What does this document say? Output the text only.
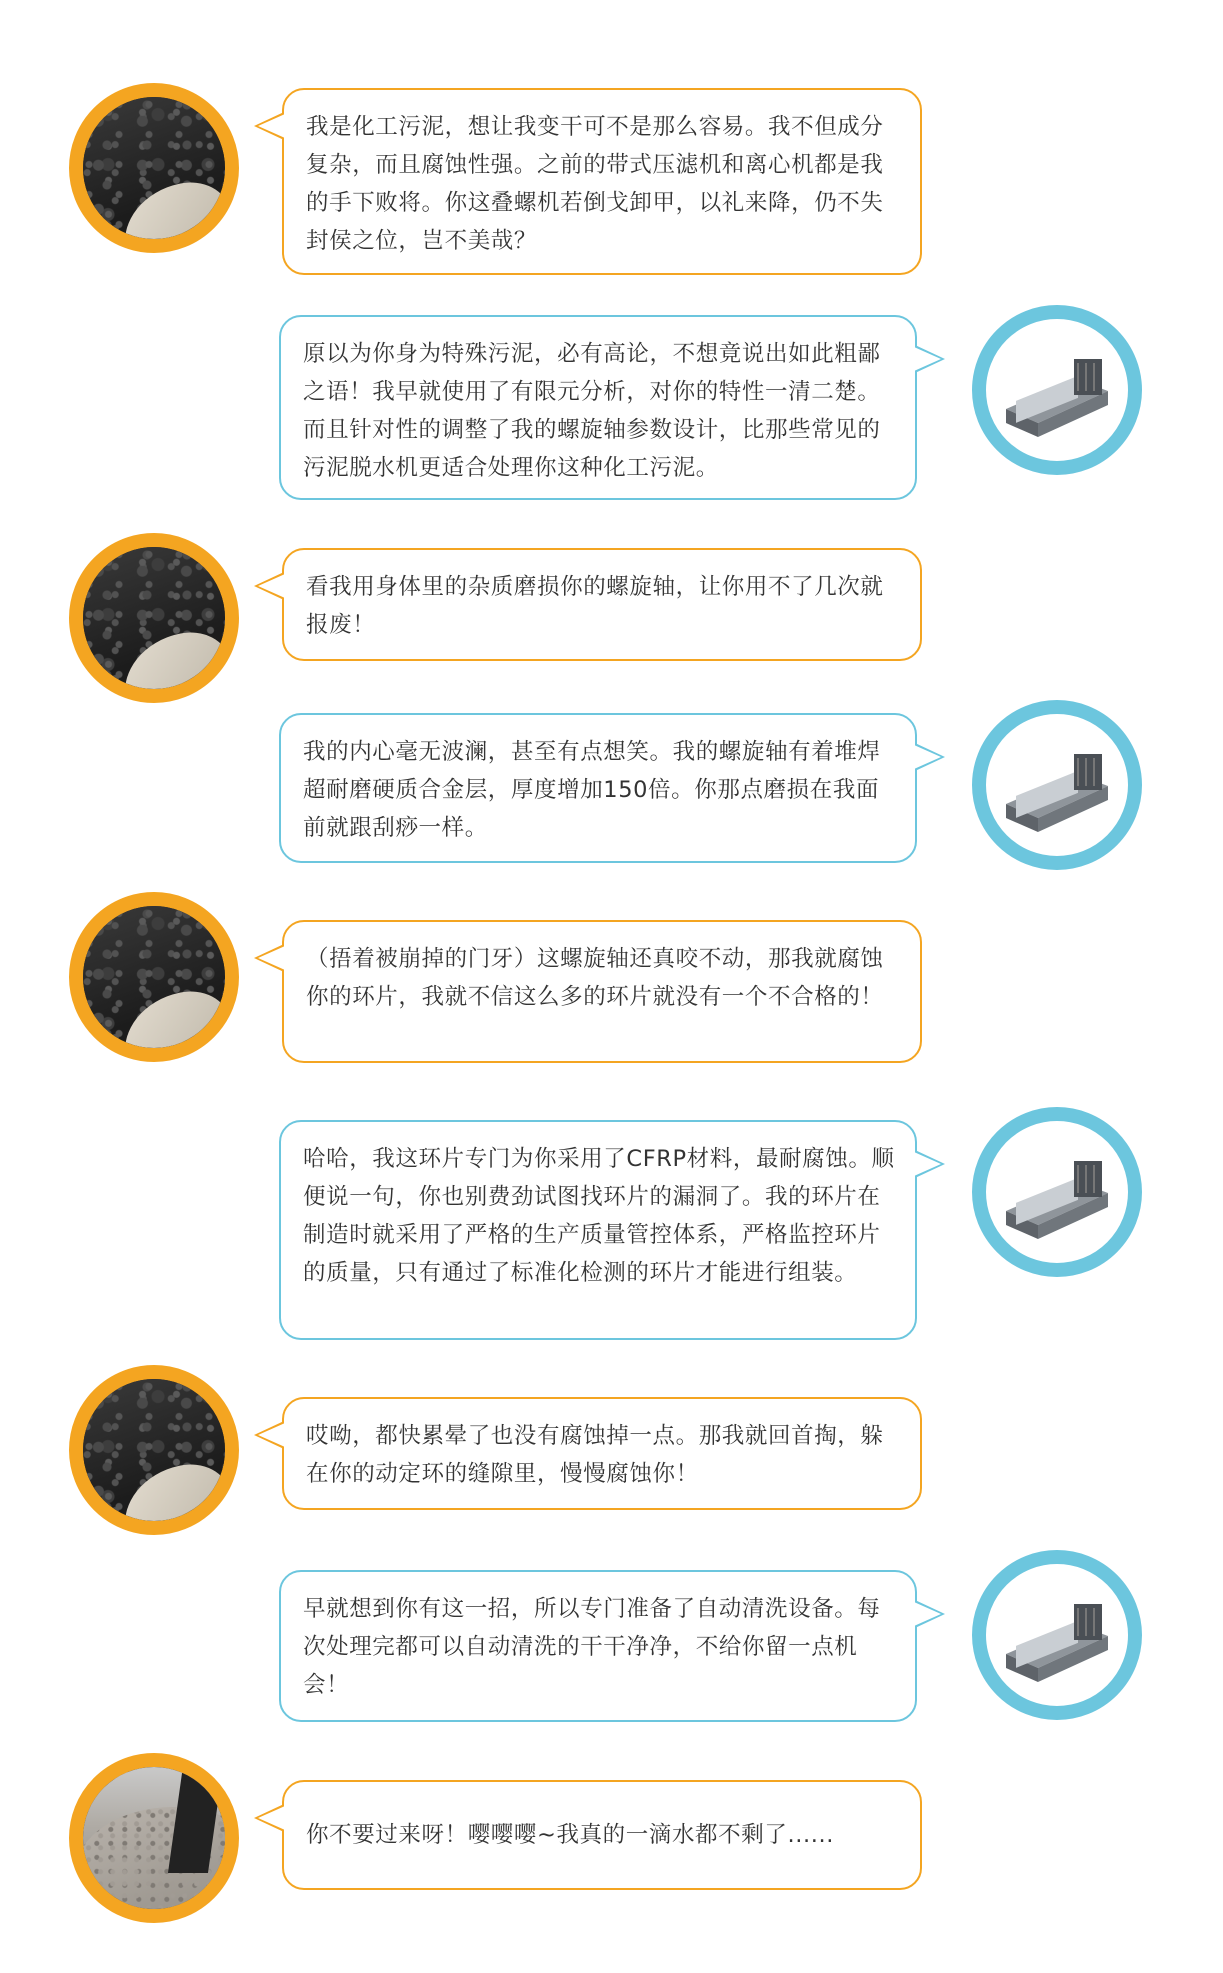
我是化工污泥，想让我变干可不是那么容易。我不但成分复杂，而且腐蚀性强。之前的带式压滤机和离心机都是我的手下败将。你这叠螺机若倒戈卸甲，以礼来降，仍不失封侯之位，岂不美哉？
原以为你身为特殊污泥，必有高论，不想竟说出如此粗鄙之语！我早就使用了有限元分析，对你的特性一清二楚。而且针对性的调整了我的螺旋轴参数设计，比那些常见的污泥脱水机更适合处理你这种化工污泥。
看我用身体里的杂质磨损你的螺旋轴，让你用不了几次就报废！
我的内心毫无波澜，甚至有点想笑。我的螺旋轴有着堆焊超耐磨硬质合金层，厚度增加150倍。你那点磨损在我面前就跟刮痧一样。
（捂着被崩掉的门牙）这螺旋轴还真咬不动，那我就腐蚀你的环片，我就不信这么多的环片就没有一个不合格的！
哈哈，我这环片专门为你采用了CFRP材料，最耐腐蚀。顺便说一句，你也别费劲试图找环片的漏洞了。我的环片在制造时就采用了严格的生产质量管控体系，严格监控环片的质量，只有通过了标准化检测的环片才能进行组装。
哎呦，都快累晕了也没有腐蚀掉一点。那我就回首掏，躲在你的动定环的缝隙里，慢慢腐蚀你！
早就想到你有这一招，所以专门准备了自动清洗设备。每次处理完都可以自动清洗的干干净净，不给你留一点机会！
你不要过来呀！嘤嘤嘤~我真的一滴水都不剩了......
